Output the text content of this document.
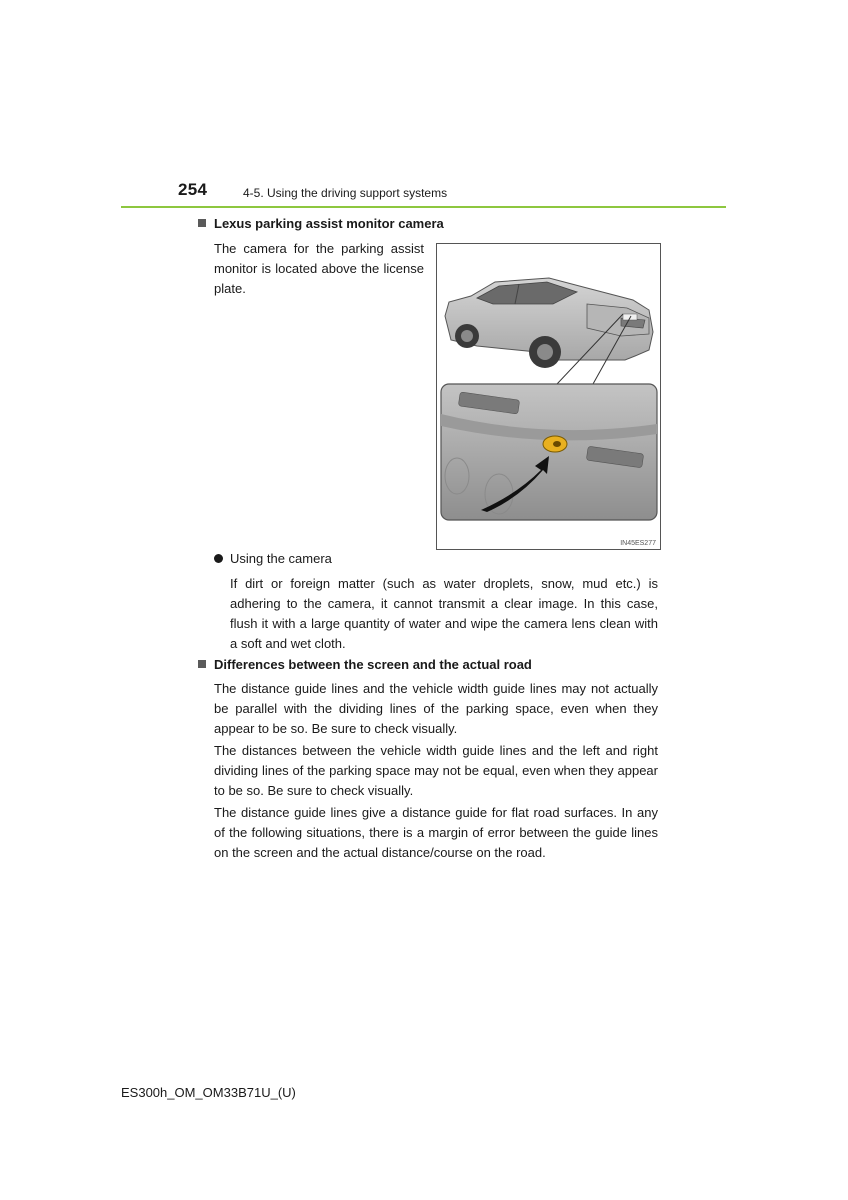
254	4-5. Using the driving support systems
Lexus parking assist monitor camera
The camera for the parking assist monitor is located above the license plate.
IN45ES277
Using the camera
If dirt or foreign matter (such as water droplets, snow, mud etc.) is adhering to the camera, it cannot transmit a clear image. In this case, flush it with a large quantity of water and wipe the camera lens clean with a soft and wet cloth.
Differences between the screen and the actual road
The distance guide lines and the vehicle width guide lines may not actually be parallel with the dividing lines of the parking space, even when they appear to be so. Be sure to check visually.
The distances between the vehicle width guide lines and the left and right dividing lines of the parking space may not be equal, even when they appear to be so. Be sure to check visually.
The distance guide lines give a distance guide for flat road surfaces. In any of the following situations, there is a margin of error between the guide lines on the screen and the actual distance/course on the road.
ES300h_OM_OM33B71U_(U)
